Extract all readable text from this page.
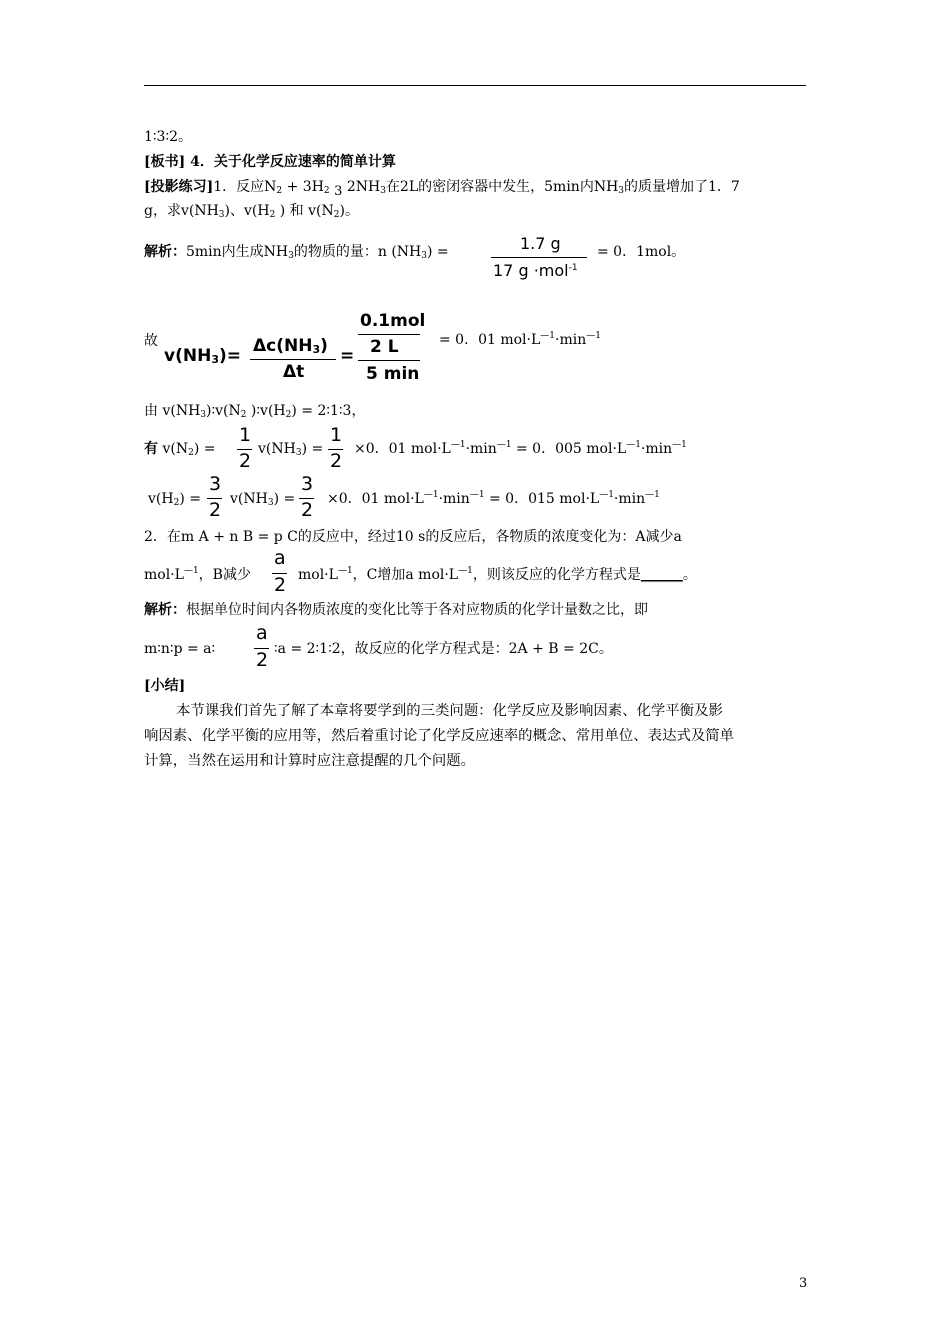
1∶3∶2。
[板书] 4．关于化学反应速率的简单计算
[投影练习]1．反应$N_2 + 3H_2$ 3 $2NH_3$在2L的密闭容器中发生，5min内$NH_3$的质量增加了1．7
g，求$v(NH_3)$、$v(H_2$ ) 和 $v(N_2)$。
解析：5min内生成$NH_3$的物质的量：n $(NH_3)$ =	1.7 g
17 g ·mol$^{-1}$
= 0．1mol。
故
$v(NH_3)= \Delta c(NH_3)$
Δt
=
0.1mol
2 L
5 min
= 0．01 $mol\cdot L^{—1}\cdot\min^{—1}$
由 $v(NH_3)∶v(N_2$ )$∶v(H_2)$ = 2∶1∶3，
有 $v(N_2)$ =
1
2
$v(NH_3)$ =
1
2
×0．01 $mol\cdot L^{—1}\cdot\min^{—1} = 0$．005 $mol\cdot L^{—1}\cdot\min^{—1}$
$v(H_2)$ =
3
2 $v(NH_3)$ =
3
2 ×0．01 $mol\cdot L^{—1}\cdot\min^{—1} = 0$．015 $mol\cdot L^{—1}\cdot\min^{—1}$
2．在m A + n B = p C的反应中，经过10 s的反应后，各物质的浓度变化为：A减少a
$mol\cdot L^{—1}$，B减少
a
2 $mol\cdot L^{—1}$，C增加a $mol\cdot L^{—1}$，则该反应的化学方程式是______。
解析：根据单位时间内各物质浓度的变化比等于各对应物质的化学计量数之比，即
m∶n∶p = a∶
a
2 ∶a = 2∶1∶2，故反应的化学方程式是：2A + B = 2C。
[小结]
本节课我们首先了解了本章将要学到的三类问题：化学反应及影响因素、化学平衡及影
响因素、化学平衡的应用等，然后着重讨论了化学反应速率的概念、常用单位、表达式及简单
计算，当然在运用和计算时应注意提醒的几个问题。
3
